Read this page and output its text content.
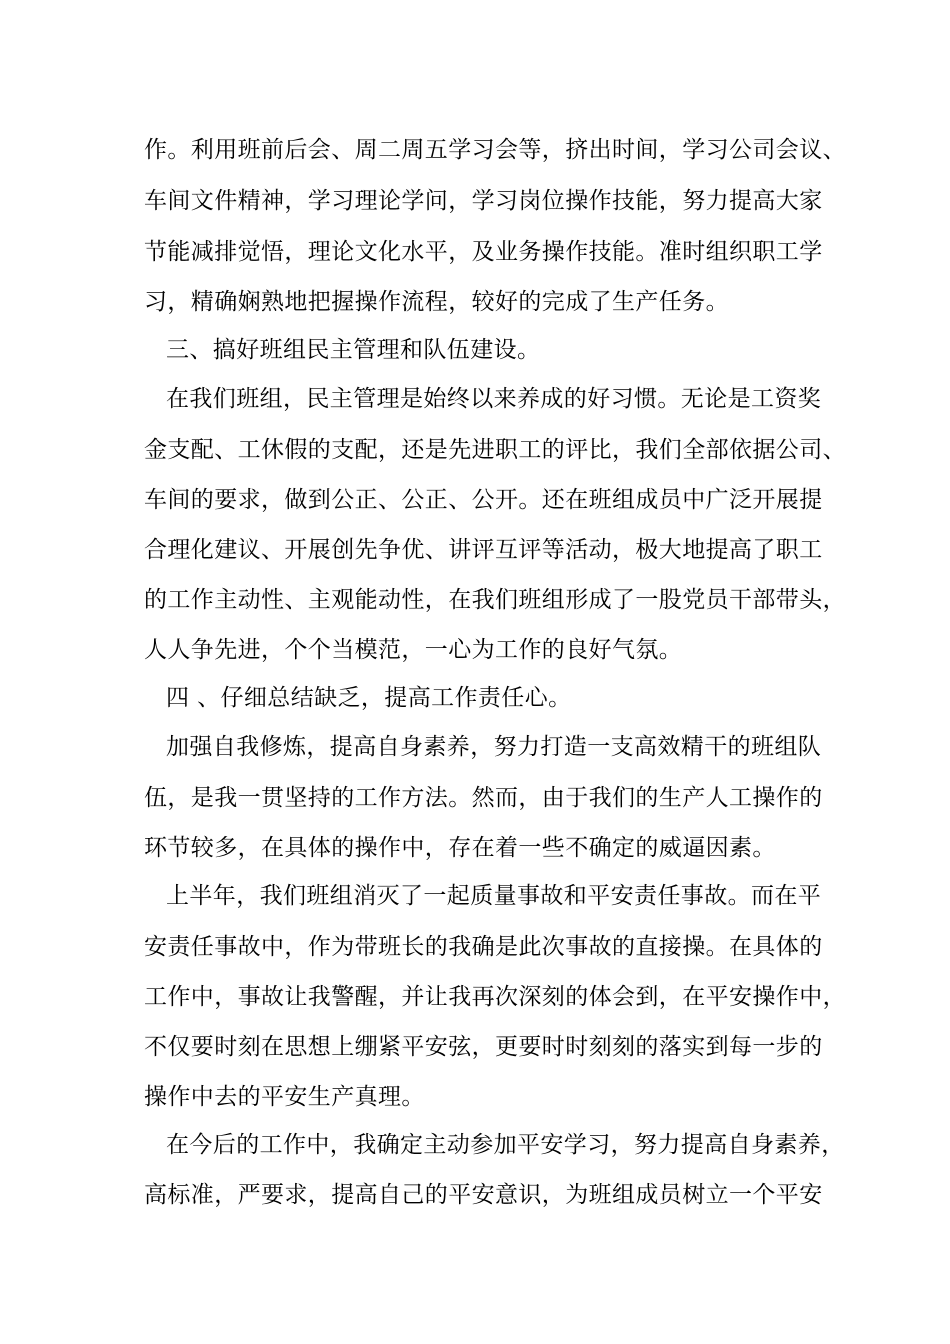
作。利用班前后会、周二周五学习会等，挤出时间，学习公司会议、
车间文件精神，学习理论学问，学习岗位操作技能，努力提高大家
节能减排觉悟，理论文化水平，及业务操作技能。准时组织职工学
习，精确娴熟地把握操作流程，较好的完成了生产任务。
三、搞好班组民主管理和队伍建设。
在我们班组，民主管理是始终以来养成的好习惯。无论是工资奖
金支配、工休假的支配，还是先进职工的评比，我们全部依据公司、
车间的要求，做到公正、公正、公开。还在班组成员中广泛开展提
合理化建议、开展创先争优、讲评互评等活动，极大地提高了职工
的工作主动性、主观能动性，在我们班组形成了一股党员干部带头，
人人争先进，个个当模范，一心为工作的良好气氛。
四 、仔细总结缺乏，提高工作责任心。
加强自我修炼，提高自身素养，努力打造一支高效精干的班组队
伍，是我一贯坚持的工作方法。然而，由于我们的生产人工操作的
环节较多，在具体的操作中，存在着一些不确定的威逼因素。
上半年，我们班组消灭了一起质量事故和平安责任事故。而在平
安责任事故中，作为带班长的我确是此次事故的直接操。在具体的
工作中，事故让我警醒，并让我再次深刻的体会到，在平安操作中，
不仅要时刻在思想上绷紧平安弦，更要时时刻刻的落实到每一步的
操作中去的平安生产真理。
在今后的工作中，我确定主动参加平安学习，努力提高自身素养，
高标准，严要求，提高自己的平安意识，为班组成员树立一个平安
